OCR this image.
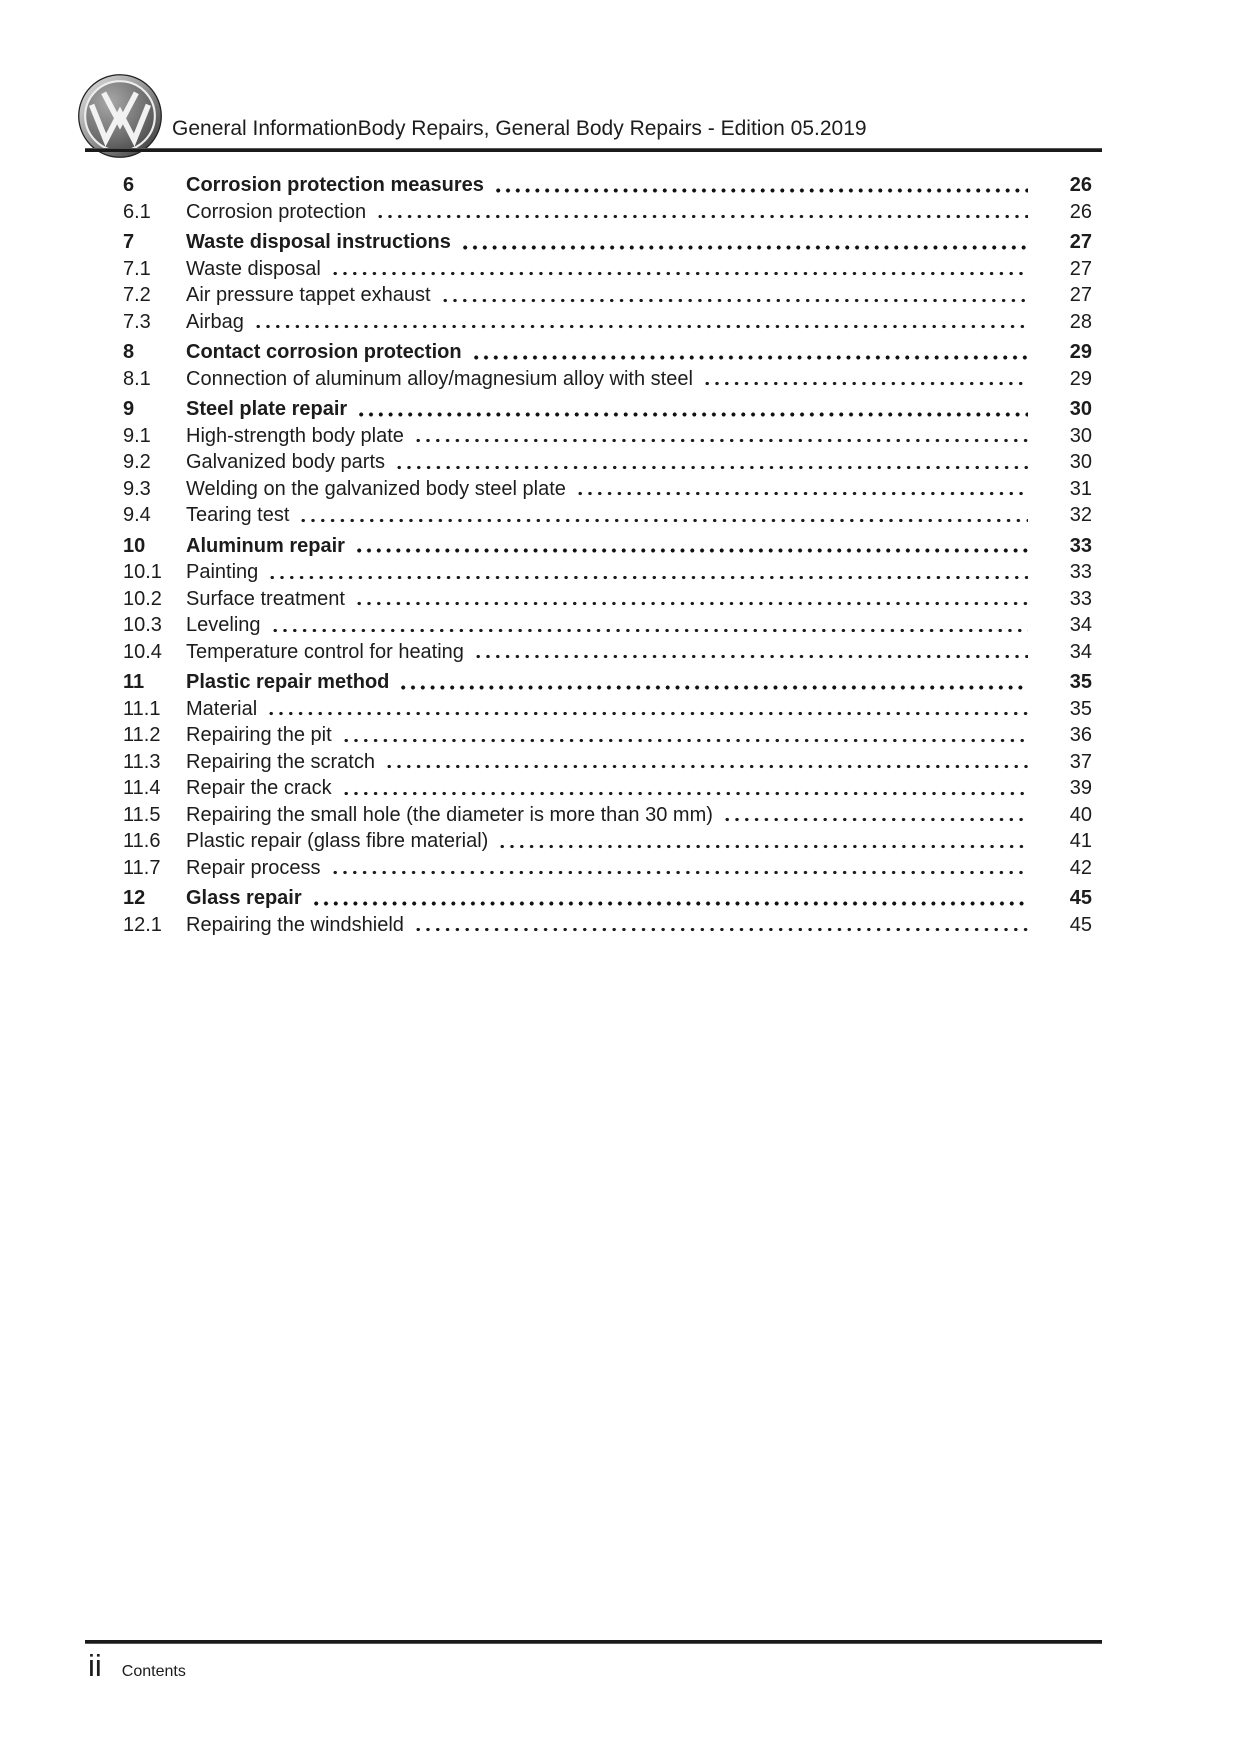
General InformationBody Repairs, General Body Repairs - Edition 05.2019
6	Corrosion protection measures	26
6.1	Corrosion protection	26
7	Waste disposal instructions	27
7.1	Waste disposal	27
7.2	Air pressure tappet exhaust	27
7.3	Airbag	28
8	Contact corrosion protection	29
8.1	Connection of aluminum alloy/magnesium alloy with steel	29
9	Steel plate repair	30
9.1	High-strength body plate	30
9.2	Galvanized body parts	30
9.3	Welding on the galvanized body steel plate	31
9.4	Tearing test	32
10	Aluminum repair	33
10.1	Painting	33
10.2	Surface treatment	33
10.3	Leveling	34
10.4	Temperature control for heating	34
11	Plastic repair method	35
11.1	Material	35
11.2	Repairing the pit	36
11.3	Repairing the scratch	37
11.4	Repair the crack	39
11.5	Repairing the small hole (the diameter is more than 30 mm)	40
11.6	Plastic repair (glass fibre material)	41
11.7	Repair process	42
12	Glass repair	45
12.1	Repairing the windshield	45
ii Contents
